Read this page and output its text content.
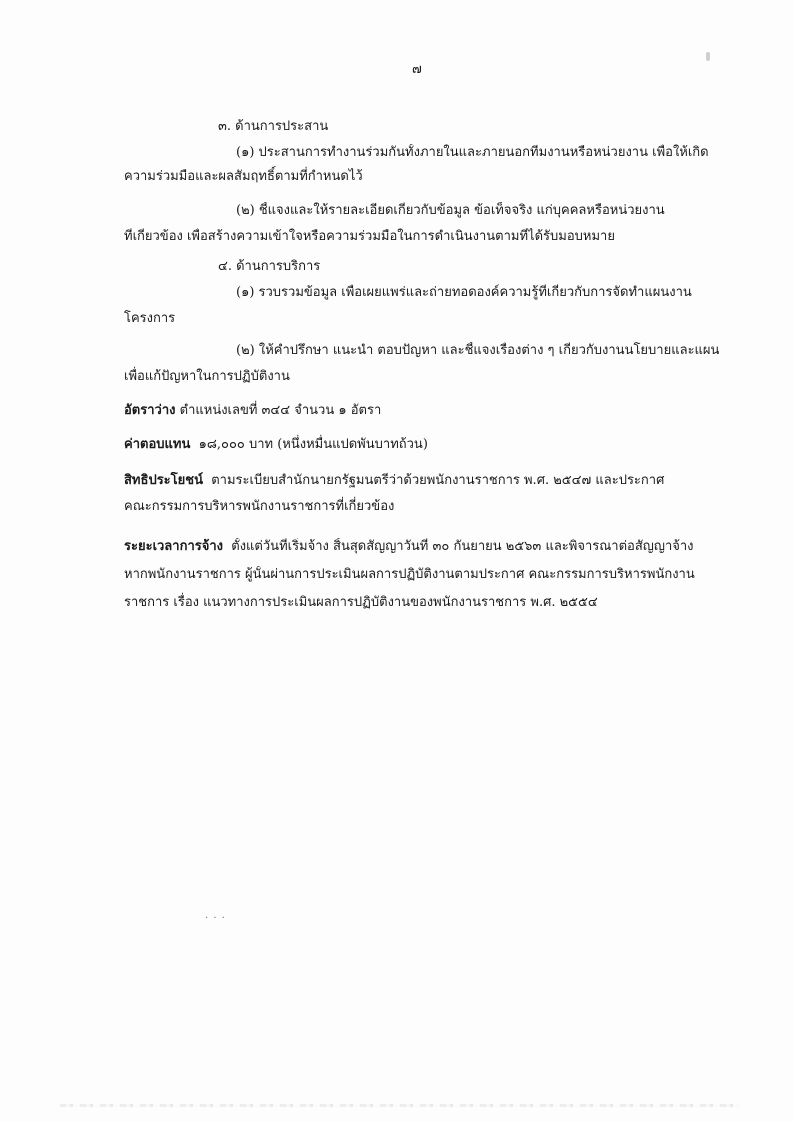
๗
๓. ด้านการประสาน
(๑) ประสานการทำงานร่วมกันทั้งภายในและภายนอกทีมงานหรือหน่วยงาน เพื่อให้เกิด
ความร่วมมือและผลสัมฤทธิ์ตามที่กำหนดไว้
(๒) ชี้แจงและให้รายละเอียดเกี่ยวกับข้อมูล ข้อเท็จจริง แก่บุคคลหรือหน่วยงาน
ที่เกี่ยวข้อง เพื่อสร้างความเข้าใจหรือความร่วมมือในการดำเนินงานตามที่ได้รับมอบหมาย
๔. ด้านการบริการ
(๑) รวบรวมข้อมูล เพื่อเผยแพร่และถ่ายทอดองค์ความรู้ที่เกี่ยวกับการจัดทำแผนงาน
โครงการ
(๒) ให้คำปรึกษา แนะนำ ตอบปัญหา และชี้แจงเรื่องต่าง ๆ เกี่ยวกับงานนโยบายและแผน
เพื่อแก้ปัญหาในการปฏิบัติงาน
อัตราว่าง ตำแหน่งเลขที่ ๓๔๔ จำนวน ๑ อัตรา
ค่าตอบแทน ๑๘,๐๐๐ บาท (หนึ่งหมื่นแปดพันบาทถ้วน)
สิทธิประโยชน์ ตามระเบียบสำนักนายกรัฐมนตรีว่าด้วยพนักงานราชการ พ.ศ. ๒๕๔๗ และประกาศ
คณะกรรมการบริหารพนักงานราชการที่เกี่ยวข้อง
ระยะเวลาการจ้าง ตั้งแต่วันที่เริ่มจ้าง สิ้นสุดสัญญาวันที่ ๓๐ กันยายน ๒๕๖๓ และพิจารณาต่อสัญญาจ้าง
หากพนักงานราชการ ผู้นั้นผ่านการประเมินผลการปฏิบัติงานตามประกาศ คณะกรรมการบริหารพนักงาน
ราชการ เรื่อง แนวทางการประเมินผลการปฏิบัติงานของพนักงานราชการ พ.ศ. ๒๕๕๔
· · ·
